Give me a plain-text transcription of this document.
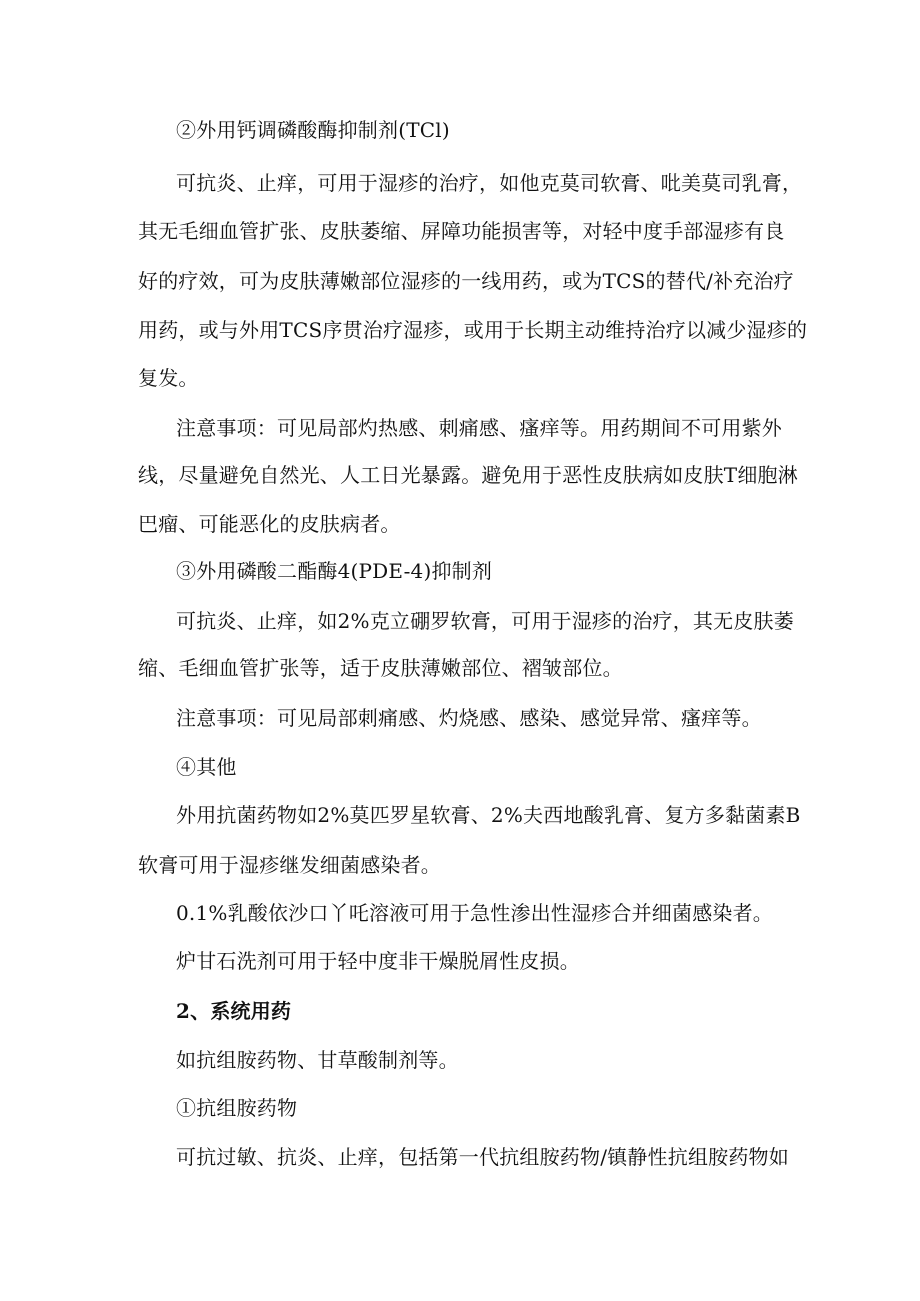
②外用钙调磷酸酶抑制剂(TCl)

可抗炎、止痒，可用于湿疹的治疗，如他克莫司软膏、吡美莫司乳膏，

其无毛细血管扩张、皮肤萎缩、屏障功能损害等，对轻中度手部湿疹有良

好的疗效，可为皮肤薄嫩部位湿疹的一线用药，或为TCS的替代/补充治疗

用药，或与外用TCS序贯治疗湿疹，或用于长期主动维持治疗以减少湿疹的

复发。

注意事项：可见局部灼热感、刺痛感、瘙痒等。用药期间不可用紫外

线，尽量避免自然光、人工日光暴露。避免用于恶性皮肤病如皮肤T细胞淋

巴瘤、可能恶化的皮肤病者。

③外用磷酸二酯酶4(PDE-4)抑制剂

可抗炎、止痒，如2%克立硼罗软膏，可用于湿疹的治疗，其无皮肤萎

缩、毛细血管扩张等，适于皮肤薄嫩部位、褶皱部位。

注意事项：可见局部刺痛感、灼烧感、感染、感觉异常、瘙痒等。

④其他

外用抗菌药物如2%莫匹罗星软膏、2%夫西地酸乳膏、复方多黏菌素B

软膏可用于湿疹继发细菌感染者。

0.1%乳酸依沙口丫吒溶液可用于急性渗出性湿疹合并细菌感染者。

炉甘石洗剂可用于轻中度非干燥脱屑性皮损。

2、系统用药

如抗组胺药物、甘草酸制剂等。

①抗组胺药物

可抗过敏、抗炎、止痒，包括第一代抗组胺药物/镇静性抗组胺药物如
